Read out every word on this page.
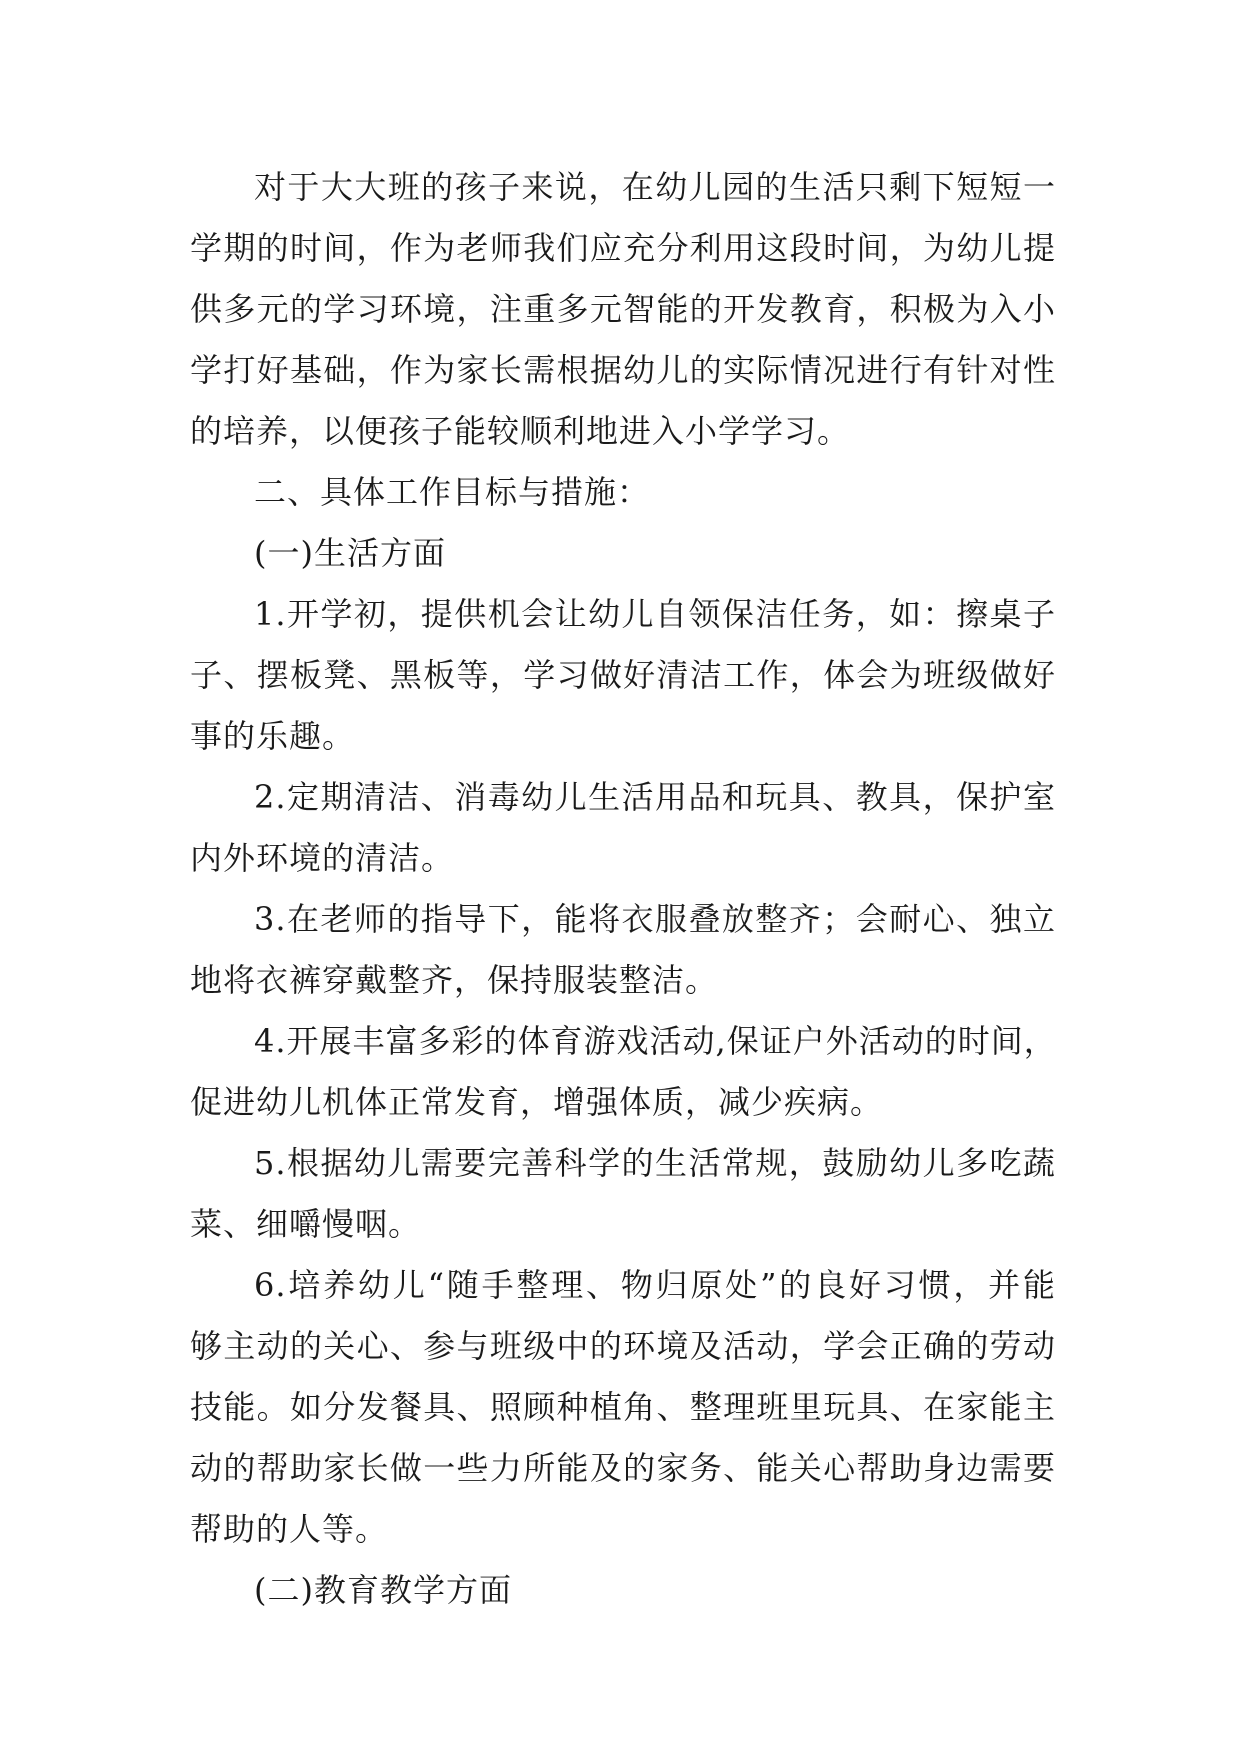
对于大大班的孩子来说，在幼儿园的生活只剩下短短一
学期的时间，作为老师我们应充分利用这段时间，为幼儿提
供多元的学习环境，注重多元智能的开发教育，积极为入小
学打好基础，作为家长需根据幼儿的实际情况进行有针对性
的培养，以便孩子能较顺利地进入小学学习。
二、具体工作目标与措施：
(一)生活方面
1.开学初，提供机会让幼儿自领保洁任务，如：擦桌子
子、摆板凳、黑板等，学习做好清洁工作，体会为班级做好
事的乐趣。
2.定期清洁、消毒幼儿生活用品和玩具、教具，保护室
内外环境的清洁。
3.在老师的指导下，能将衣服叠放整齐；会耐心、独立
地将衣裤穿戴整齐，保持服装整洁。
4.开展丰富多彩的体育游戏活动,保证户外活动的时间，
促进幼儿机体正常发育，增强体质，减少疾病。
5.根据幼儿需要完善科学的生活常规，鼓励幼儿多吃蔬
菜、细嚼慢咽。
6.培养幼儿“随手整理、物归原处”的良好习惯，并能
够主动的关心、参与班级中的环境及活动，学会正确的劳动
技能。如分发餐具、照顾种植角、整理班里玩具、在家能主
动的帮助家长做一些力所能及的家务、能关心帮助身边需要
帮助的人等。
(二)教育教学方面
